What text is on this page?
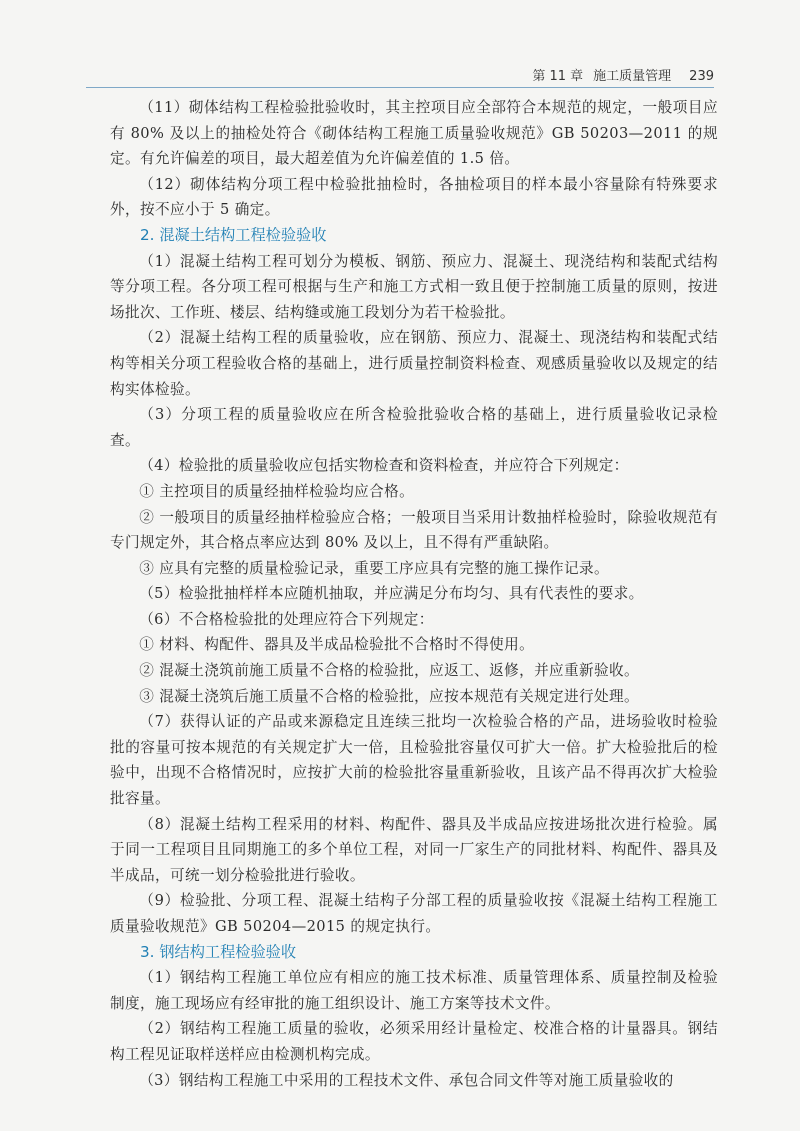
第 11 章 施工质量管理 239

（11）砌体结构工程检验批验收时，其主控项目应全部符合本规范的规定，一般项目应有 80% 及以上的抽检处符合《砌体结构工程施工质量验收规范》GB 50203—2011 的规定。有允许偏差的项目，最大超差值为允许偏差值的 1.5 倍。

（12）砌体结构分项工程中检验批抽检时，各抽检项目的样本最小容量除有特殊要求外，按不应小于 5 确定。

2. 混凝土结构工程检验验收

（1）混凝土结构工程可划分为模板、钢筋、预应力、混凝土、现浇结构和装配式结构等分项工程。各分项工程可根据与生产和施工方式相一致且便于控制施工质量的原则，按进场批次、工作班、楼层、结构缝或施工段划分为若干检验批。

（2）混凝土结构工程的质量验收，应在钢筋、预应力、混凝土、现浇结构和装配式结构等相关分项工程验收合格的基础上，进行质量控制资料检查、观感质量验收以及规定的结构实体检验。

（3）分项工程的质量验收应在所含检验批验收合格的基础上，进行质量验收记录检查。

（4）检验批的质量验收应包括实物检查和资料检查，并应符合下列规定：

① 主控项目的质量经抽样检验均应合格。

② 一般项目的质量经抽样检验应合格；一般项目当采用计数抽样检验时，除验收规范有专门规定外，其合格点率应达到 80% 及以上，且不得有严重缺陷。

③ 应具有完整的质量检验记录，重要工序应具有完整的施工操作记录。

（5）检验批抽样样本应随机抽取，并应满足分布均匀、具有代表性的要求。

（6）不合格检验批的处理应符合下列规定：

① 材料、构配件、器具及半成品检验批不合格时不得使用。

② 混凝土浇筑前施工质量不合格的检验批，应返工、返修，并应重新验收。

③ 混凝土浇筑后施工质量不合格的检验批，应按本规范有关规定进行处理。

（7）获得认证的产品或来源稳定且连续三批均一次检验合格的产品，进场验收时检验批的容量可按本规范的有关规定扩大一倍，且检验批容量仅可扩大一倍。扩大检验批后的检验中，出现不合格情况时，应按扩大前的检验批容量重新验收，且该产品不得再次扩大检验批容量。

（8）混凝土结构工程采用的材料、构配件、器具及半成品应按进场批次进行检验。属于同一工程项目且同期施工的多个单位工程，对同一厂家生产的同批材料、构配件、器具及半成品，可统一划分检验批进行验收。

（9）检验批、分项工程、混凝土结构子分部工程的质量验收按《混凝土结构工程施工质量验收规范》GB 50204—2015 的规定执行。

3. 钢结构工程检验验收

（1）钢结构工程施工单位应有相应的施工技术标准、质量管理体系、质量控制及检验制度，施工现场应有经审批的施工组织设计、施工方案等技术文件。

（2）钢结构工程施工质量的验收，必须采用经计量检定、校准合格的计量器具。钢结构工程见证取样送样应由检测机构完成。

（3）钢结构工程施工中采用的工程技术文件、承包合同文件等对施工质量验收的
